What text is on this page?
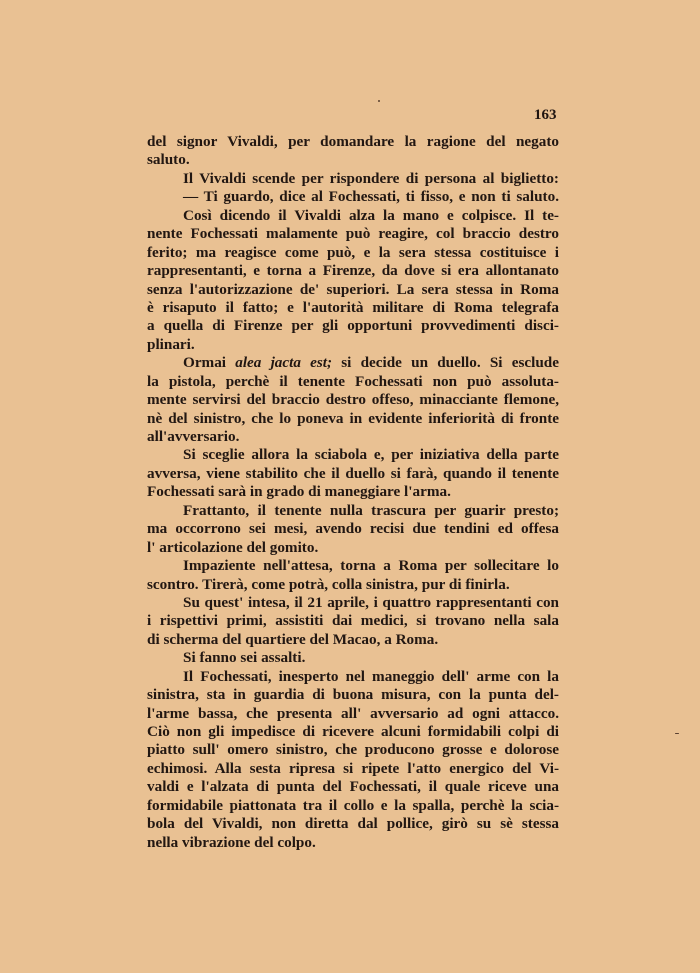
163
del signor Vivaldi, per domandare la ragione del negato
saluto.
Il Vivaldi scende per rispondere di persona al biglietto:
— Ti guardo, dice al Fochessati, ti fisso, e non ti saluto.
Così dicendo il Vivaldi alza la mano e colpisce. Il te-
nente Fochessati malamente può reagire, col braccio destro
ferito; ma reagisce come può, e la sera stessa costituisce i
rappresentanti, e torna a Firenze, da dove si era allontanato
senza l'autorizzazione de' superiori. La sera stessa in Roma
è risaputo il fatto; e l'autorità militare di Roma telegrafa
a quella di Firenze per gli opportuni provvedimenti disci-
plinari.
Ormai alea jacta est; si decide un duello. Si esclude
la pistola, perchè il tenente Fochessati non può assoluta-
mente servirsi del braccio destro offeso, minacciante flemone,
nè del sinistro, che lo poneva in evidente inferiorità di fronte
all'avversario.
Si sceglie allora la sciabola e, per iniziativa della parte
avversa, viene stabilito che il duello si farà, quando il tenente
Fochessati sarà in grado di maneggiare l'arma.
Frattanto, il tenente nulla trascura per guarir presto;
ma occorrono sei mesi, avendo recisi due tendini ed offesa
l' articolazione del gomito.
Impaziente nell'attesa, torna a Roma per sollecitare lo
scontro. Tirerà, come potrà, colla sinistra, pur di finirla.
Su quest' intesa, il 21 aprile, i quattro rappresentanti con
i rispettivi primi, assistiti dai medici, si trovano nella sala
di scherma del quartiere del Macao, a Roma.
Si fanno sei assalti.
Il Fochessati, inesperto nel maneggio dell' arme con la
sinistra, sta in guardia di buona misura, con la punta del-
l'arme bassa, che presenta all' avversario ad ogni attacco.
Ciò non gli impedisce di ricevere alcuni formidabili colpi di
piatto sull' omero sinistro, che producono grosse e dolorose
echimosi. Alla sesta ripresa si ripete l'atto energico del Vi-
valdi e l'alzata di punta del Fochessati, il quale riceve una
formidabile piattonata tra il collo e la spalla, perchè la scia-
bola del Vivaldi, non diretta dal pollice, girò su sè stessa
nella vibrazione del colpo.
